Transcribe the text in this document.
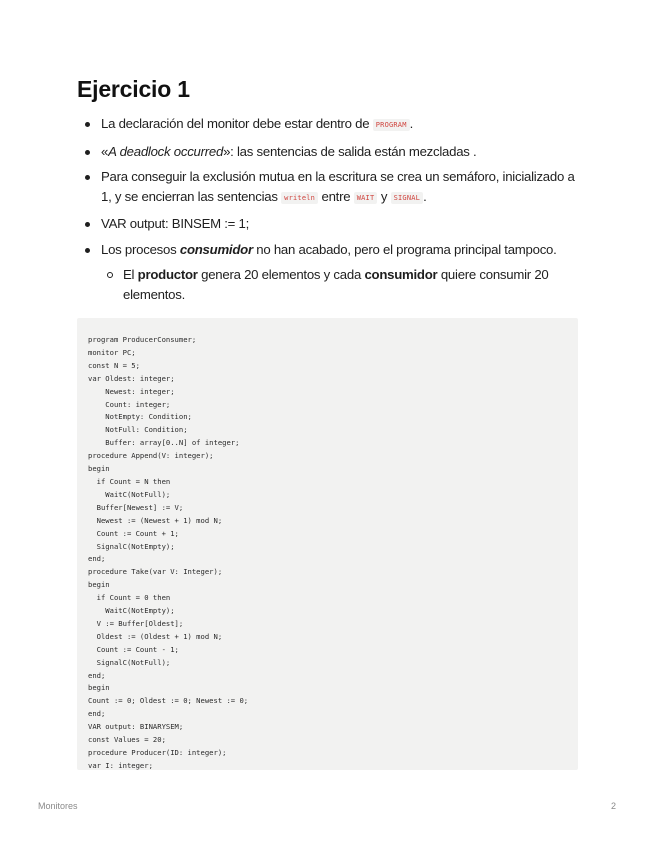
Ejercicio 1
La declaración del monitor debe estar dentro de PROGRAM .
«A deadlock occurred»: las sentencias de salida están mezcladas .
Para conseguir la exclusión mutua en la escritura se crea un semáforo, inicializado a 1, y se encierran las sentencias writeln entre WAIT y SIGNAL .
VAR output: BINSEM := 1;
Los procesos consumidor no han acabado, pero el programa principal tampoco.
El productor genera 20 elementos y cada consumidor quiere consumir 20 elementos.
program ProducerConsumer;
monitor PC;
const N = 5;
var Oldest: integer;
Newest: integer;
Count: integer;
NotEmpty: Condition;
NotFull: Condition;
Buffer: array[0..N] of integer;
procedure Append(V: integer);
begin
if Count = N then
WaitC(NotFull);
Buffer[Newest] := V;
Newest := (Newest + 1) mod N;
Count := Count + 1;
SignalC(NotEmpty);
end;
procedure Take(var V: Integer);
begin
if Count = 0 then
WaitC(NotEmpty);
V := Buffer[Oldest];
Oldest := (Oldest + 1) mod N;
Count := Count - 1;
SignalC(NotFull);
end;
begin
Count := 0; Oldest := 0; Newest := 0;
end;
VAR output: BINARYSEM;
const Values = 20;
procedure Producer(ID: integer);
var I: integer;
Monitores	2
